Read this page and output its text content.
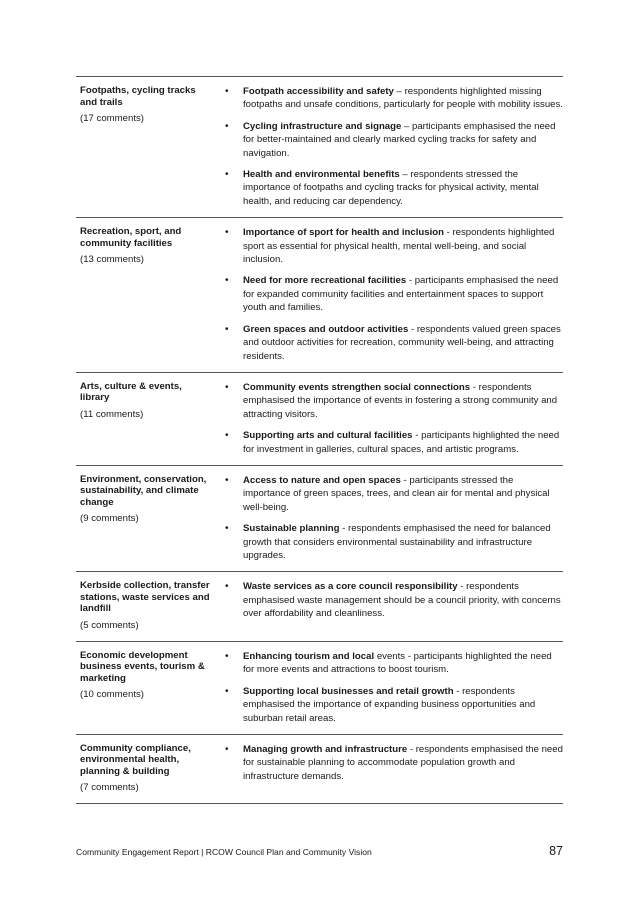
Footpaths, cycling tracks and trails
(17 comments)
• Footpath accessibility and safety – respondents highlighted missing footpaths and unsafe conditions, particularly for people with mobility issues.
• Cycling infrastructure and signage – participants emphasised the need for better-maintained and clearly marked cycling tracks for safety and navigation.
• Health and environmental benefits – respondents stressed the importance of footpaths and cycling tracks for physical activity, mental health, and reducing car dependency.
Recreation, sport, and community facilities
(13 comments)
• Importance of sport for health and inclusion - respondents highlighted sport as essential for physical health, mental well-being, and social inclusion.
• Need for more recreational facilities - participants emphasised the need for expanded community facilities and entertainment spaces to support youth and families.
• Green spaces and outdoor activities - respondents valued green spaces and outdoor activities for recreation, community well-being, and attracting residents.
Arts, culture & events, library
(11 comments)
• Community events strengthen social connections - respondents emphasised the importance of events in fostering a strong community and attracting visitors.
• Supporting arts and cultural facilities - participants highlighted the need for investment in galleries, cultural spaces, and artistic programs.
Environment, conservation, sustainability, and climate change
(9 comments)
• Access to nature and open spaces - participants stressed the importance of green spaces, trees, and clean air for mental and physical well-being.
• Sustainable planning - respondents emphasised the need for balanced growth that considers environmental sustainability and infrastructure upgrades.
Kerbside collection, transfer stations, waste services and landfill
(5 comments)
• Waste services as a core council responsibility - respondents emphasised waste management should be a council priority, with concerns over affordability and cleanliness.
Economic development business events, tourism & marketing
(10 comments)
• Enhancing tourism and local events - participants highlighted the need for more events and attractions to boost tourism.
• Supporting local businesses and retail growth - respondents emphasised the importance of expanding business opportunities and suburban retail areas.
Community compliance, environmental health, planning & building
(7 comments)
• Managing growth and infrastructure - respondents emphasised the need for sustainable planning to accommodate population growth and infrastructure demands.
Community Engagement Report | RCOW Council Plan and Community Vision	87
